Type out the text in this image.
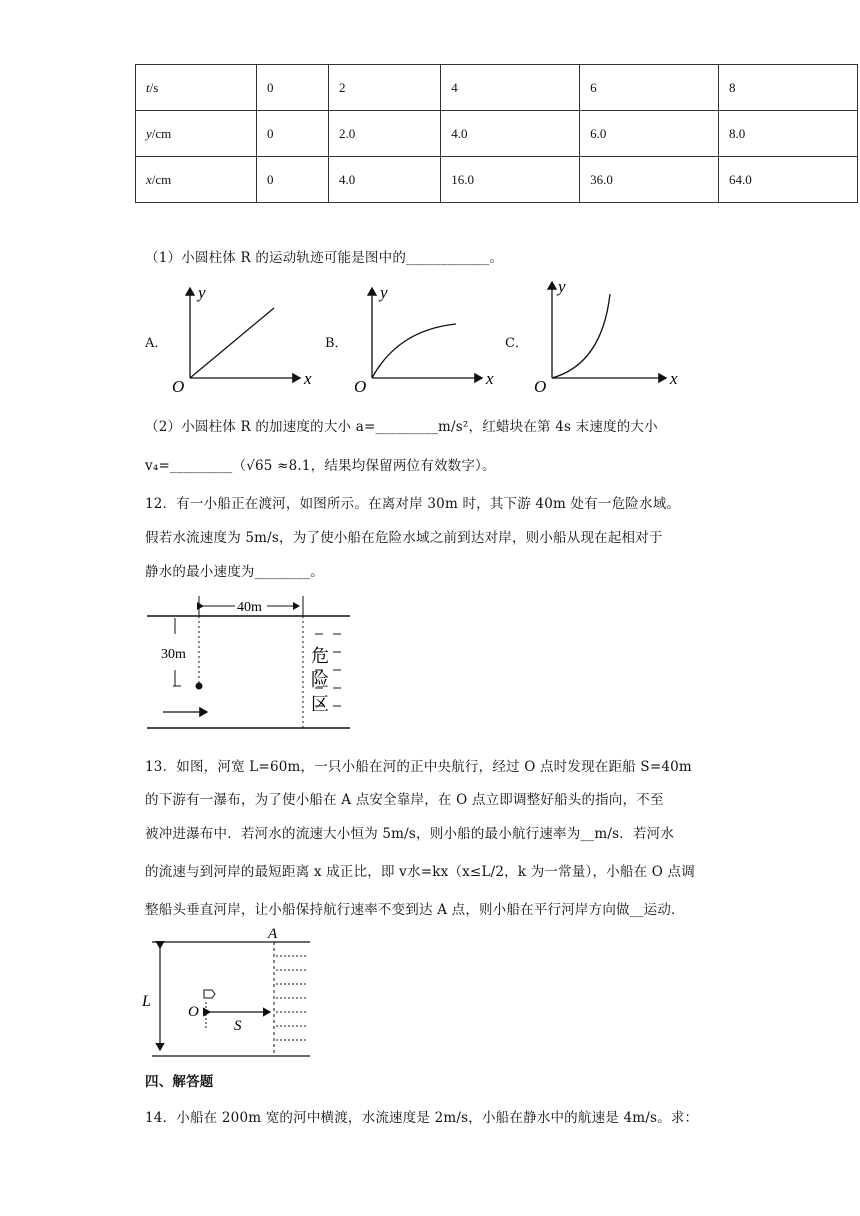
t/s	0	2	4	6	8
y/cm	0	2.0	4.0	6.0	8.0
x/cm	0	4.0	16.0	36.0	64.0
（1）小圆柱体 R 的运动轨迹可能是图中的____________。
A．	B．	C．
y
x
O
y
x
O
y
x
O
（2）小圆柱体 R 的加速度的大小 a=_________m/s²，红蜡块在第 4s 末速度的大小
v₄=_________（√65 ≈8.1，结果均保留两位有效数字）。
12．有一小船正在渡河，如图所示。在离对岸 30m 时，其下游 40m 处有一危险水域。
假若水流速度为 5m/s，为了使小船在危险水域之前到达对岸，则小船从现在起相对于
静水的最小速度为________。
40m
30m	危
险
区
13．如图，河宽 L=60m，一只小船在河的正中央航行，经过 O 点时发现在距船 S=40m
的下游有一瀑布，为了使小船在 A 点安全靠岸，在 O 点立即调整好船头的指向，不至
被冲进瀑布中．若河水的流速大小恒为 5m/s，则小船的最小航行速率为__m/s．若河水
的流速与到河岸的最短距离 x 成正比，即 v水=kx（x≤L/2，k 为一常量），小船在 O 点调
整船头垂直河岸，让小船保持航行速率不变到达 A 点，则小船在平行河岸方向做__运动．
L
A
O
S
四、解答题
14．小船在 200m 宽的河中横渡，水流速度是 2m/s，小船在静水中的航速是 4m/s。求：
